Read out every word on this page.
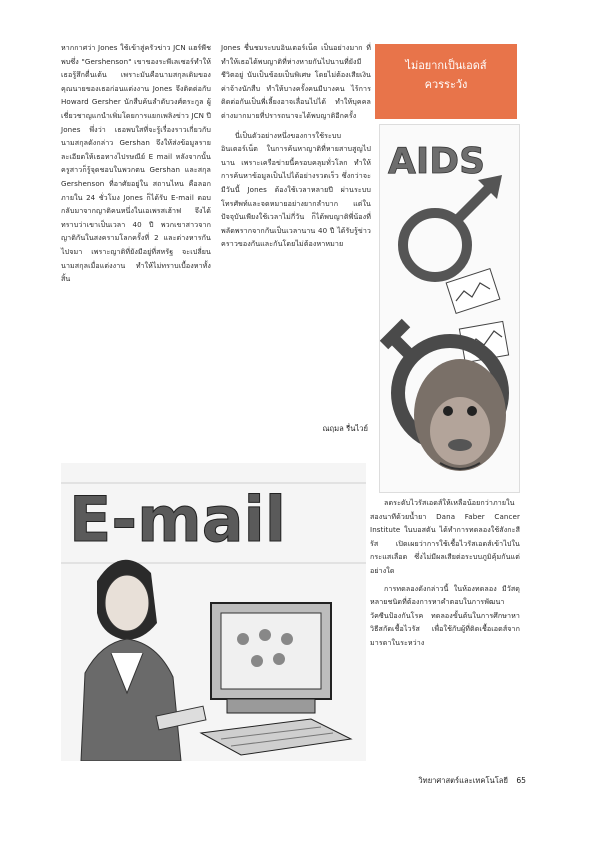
หากกาศว่า Jones ใช้เข้าสู่ครัวข่าว JCN แฮร์พีชพบซึ่ง "Gershenson" เขาของระพีเลเซอร์ทำให้เธอรู้สึกตื่นเต้น เพราะมันคือนามสกุลเดิมของคุณนายของเธอก่อนแต่งงาน Jones จึงติดต่อกับ Howard Gersher นักสืบค้นลำดับวงศ์ตระกูล ผู้เชี่ยวชาญแกนำเพิ่มโดยการแยกเพลิงข่าว JCN ปี Jones พึ่งว่า เธอพบใสที่จะรู้เรื่องราวเกี่ยวกับนามสกุลดังกล่าว Gershan จึงให้ส่งข้อมูลรายละเอียดให้เธอทางไปรษณีย์ E mail หลังจากนั้นครูสาวก็รู้จุดชอบในพวกตน Gershan และสกุล Gershenson ที่อาศัยอยู่ใน สถานไหน คือลอก ภายใน 24 ชั่วโมง Jones ก็ได้รับ E-mail ตอบกลับมาจากญาติคนหนึ่งในเอเพรสเฮ้าฟ จึงได้ทราบว่าเขาเป็นเวลา 40 ปี พวกเขาสาวจากญาติกันในสงครามโลกครั้งที่ 2 และต่างหารกันไปจมา เพราะญาติที่ยังมีอยู่ที่สหรัฐ จะเปลี่ยนนามสกุลเมื่อแต่งงาน ทำให้ไม่ทราบเบื้องหาทั้งสิ้น

Jones ชื่นชมระบบอินเตอร์เน็ต เป็นอย่างมาก ที่ทำให้เธอได้พบญาติที่ห่างหายกันไปนานที่ยังมีชีวิตอยู่ นับเป็นข้อยเป็นพิเศษ โดยไม่ต้องเสียเงินค่าจ้างนักสืบ ทำให้บางครั้งคนมีบางคน ไร้การติดต่อกันเป็นพี่เลี้ยงอาจเลื่อนไปได้ ทำให้บุคคลต่างมากมายที่ปรารถนาจะได้พบญาติอีกครั้ง

นี่เป็นตัวอย่างหนึ่งของการใช้ระบบอินเตอร์เน็ต ในการค้นหาญาติที่หายสาบสูญไปนาน เพราะเครือข่ายนี้ครอบคลุมทั่วโลก ทำให้การค้นหาข้อมูลเป็นไปได้อย่างรวดเร็ว ซึ่งกว่าจะมีวันนี้ Jones ต้องใช้เวลาหลายปี ผ่านระบบโทรศัพท์และจดหมายอย่างยากลำบาก แต่ในปัจจุบันเพียงใช้เวลาไม่กี่วัน ก็ได้พบญาติพี่น้องที่พลัดพรากจากกันเป็นเวลานาน 40 ปี ได้รับรู้ข่าวคราวของกันและกันโดยไม่ต้องหาหมาย

ณฤมล รื่นไวย์
ไม่อยากเป็นเอดส์
ควรระวัง
AIDS
E-mail	ลดระดับไวรัสเอดส์ให้เหลือน้อยกว่าภายในสองนาทีด้วยน้ำยา Dana Faber Cancer Institute ในบอสตัน ได้ทำการทดลองใช้สังกะสีรัส เปิดเผยว่าการใช้เชื้อไวรัสเอดส์เข้าไปในกระแสเลือด ซึ่งไม่มีผลเสียต่อระบบภูมิคุ้มกันแต่อย่างใด

การทดลองดังกล่าวนี้ ในห้องทดลอง มีวัสดุหลายชนิดที่ต้องการหาคำตอบในการพัฒนาวัคซีนป้องกันโรค ทดลองขั้นต้นในการศึกษาหาวิธีสกัดเชื้อไวรัส เพื่อใช้กับผู้ที่ติดเชื้อเอดส์จากมารดาในระหว่าง

วิทยาศาสตร์และเทคโนโลยี 65
